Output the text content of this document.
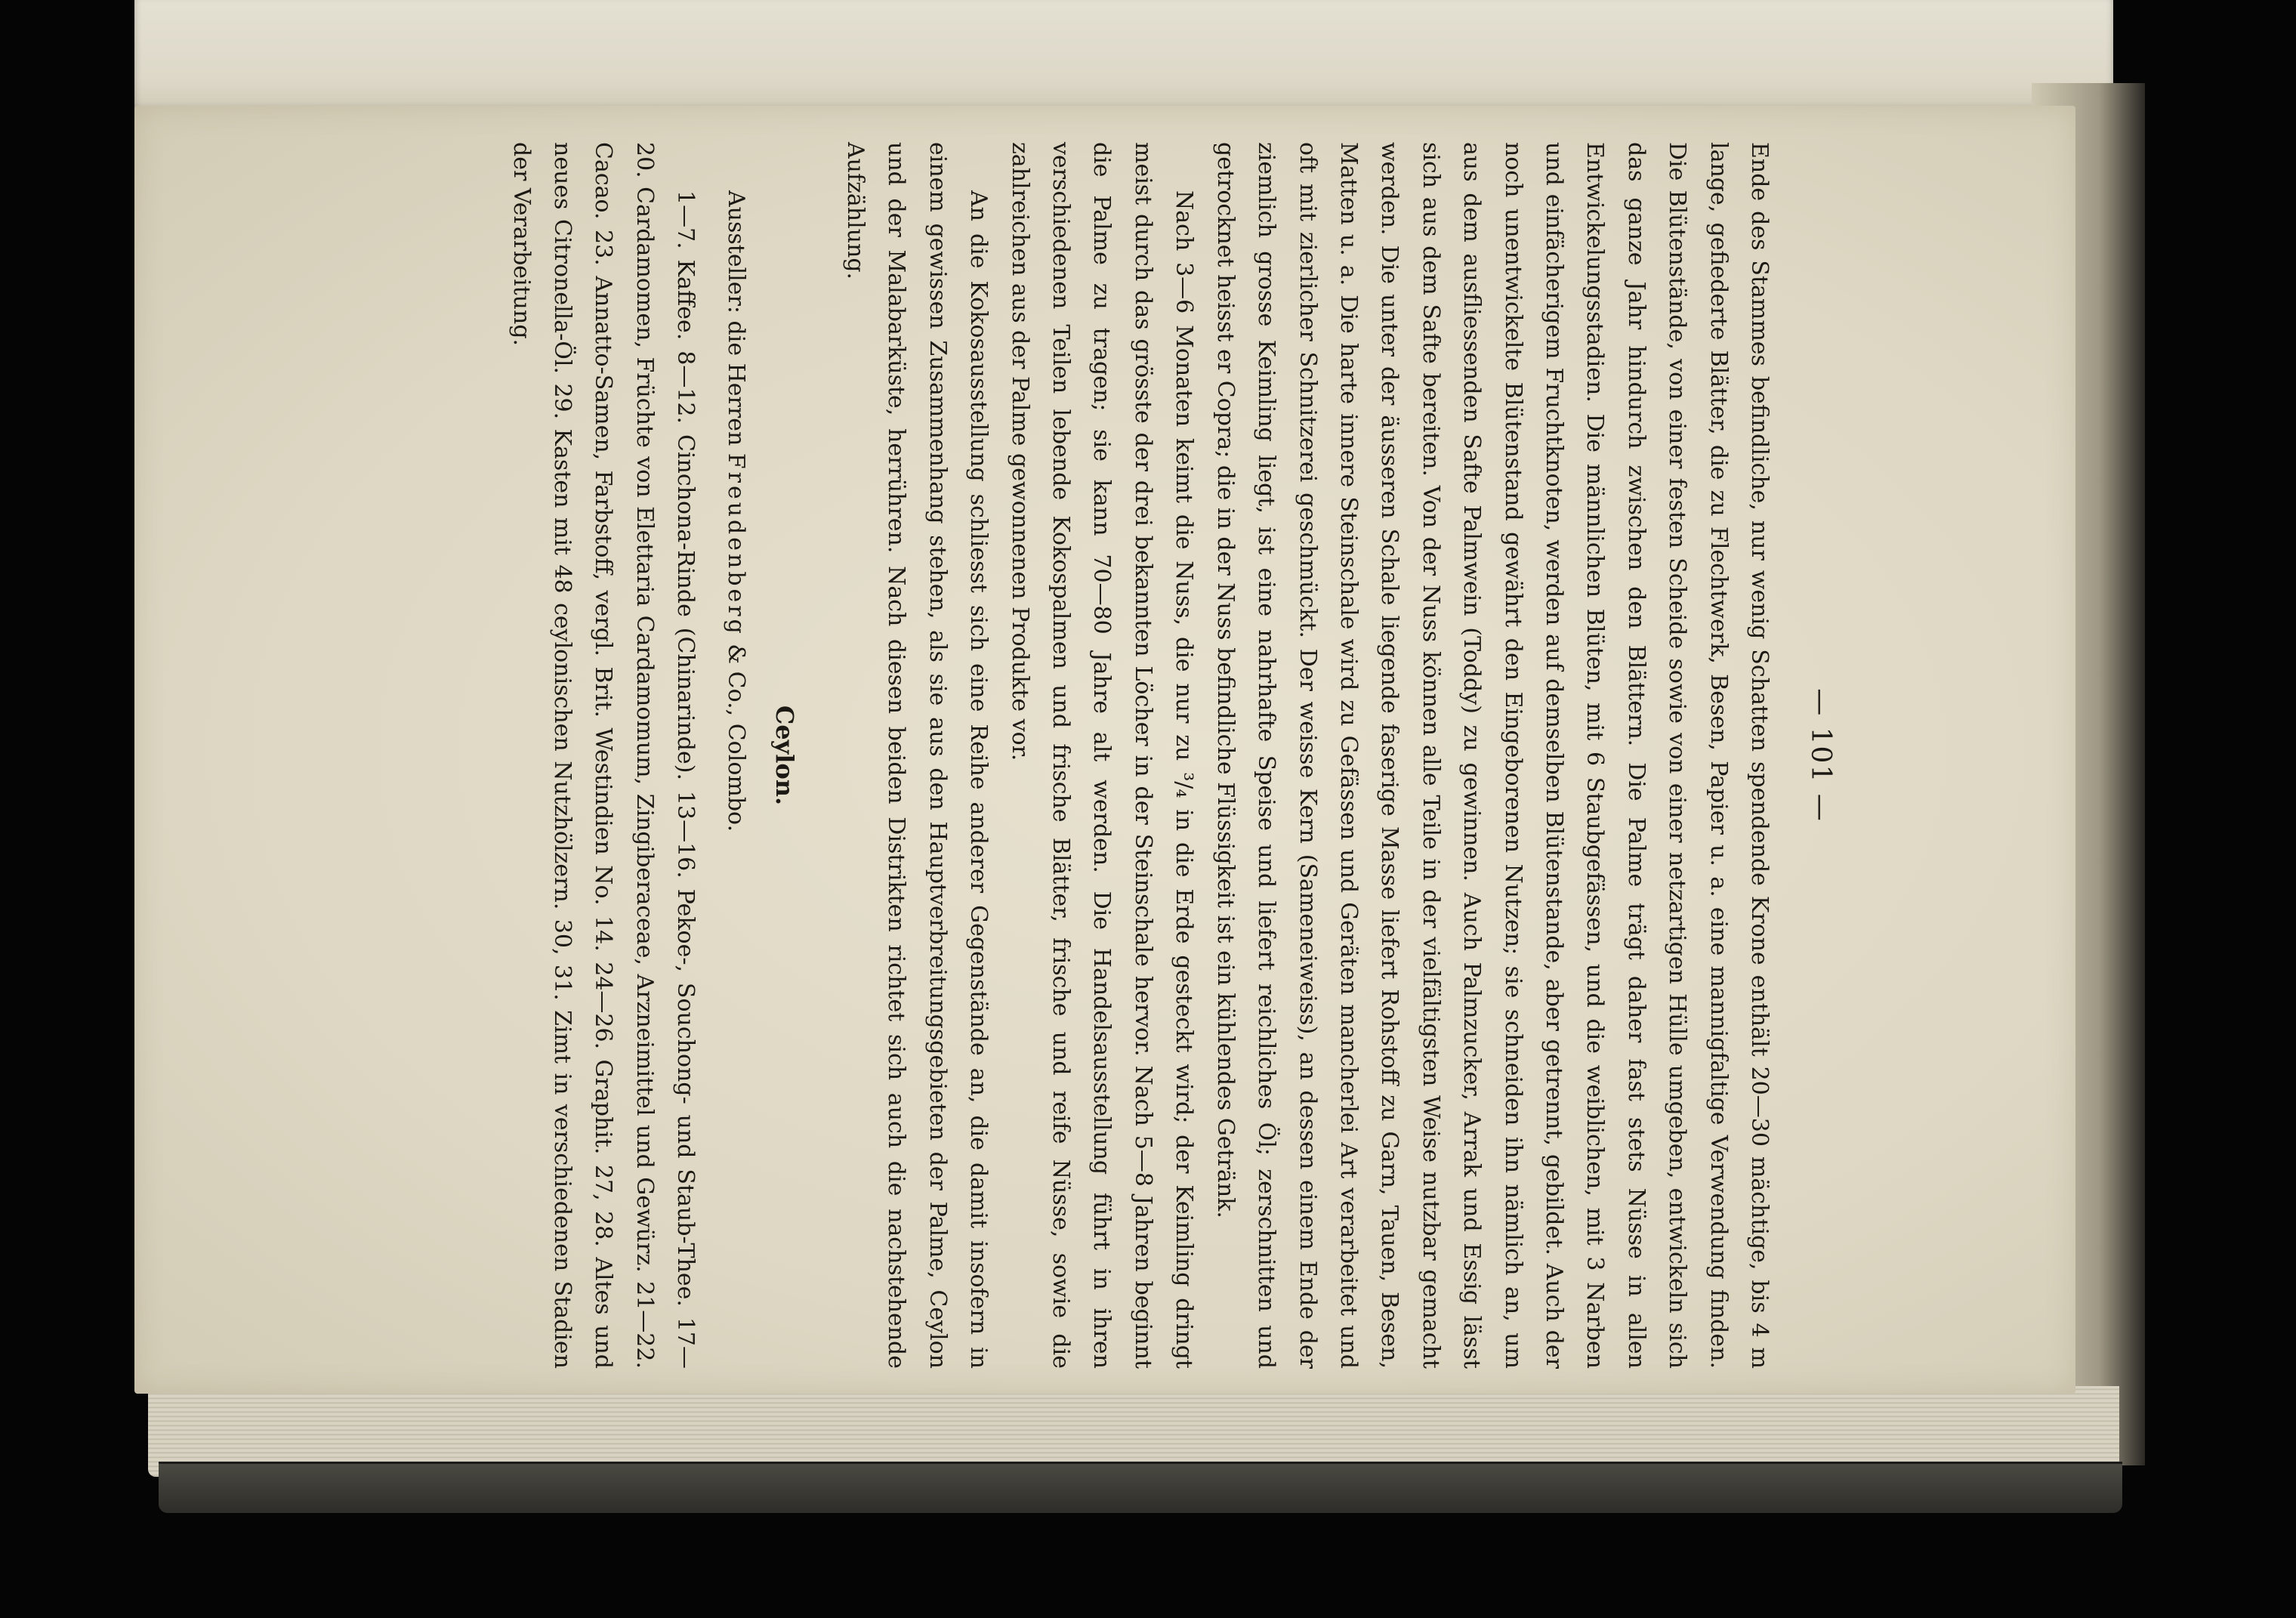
— 101 —

Ende des Stammes befindliche, nur wenig Schatten spendende Krone enthält 20—30 mächtige, bis 4 m lange, gefiederte Blätter, die zu Flechtwerk, Besen, Papier u. a. eine mannigfaltige Verwendung finden. Die Blütenstände, von einer festen Scheide sowie von einer netzartigen Hülle umgeben, entwickeln sich das ganze Jahr hindurch zwischen den Blättern. Die Palme trägt daher fast stets Nüsse in allen Entwickelungsstadien. Die männlichen Blüten, mit 6 Staubgefässen, und die weiblichen, mit 3 Narben und einfächerigem Fruchtknoten, werden auf demselben Blütenstande, aber getrennt, gebildet. Auch der noch unentwickelte Blütenstand gewährt den Eingeborenen Nutzen; sie schneiden ihn nämlich an, um aus dem ausfliessenden Safte Palmwein (Toddy) zu gewinnen. Auch Palmzucker, Arrak und Essig lässt sich aus dem Safte bereiten. Von der Nuss können alle Teile in der vielfältigsten Weise nutzbar gemacht werden. Die unter der äusseren Schale liegende faserige Masse liefert Rohstoff zu Garn, Tauen, Besen, Matten u. a. Die harte innere Steinschale wird zu Gefässen und Geräten mancherlei Art verarbeitet und oft mit zierlicher Schnitzerei geschmückt. Der weisse Kern (Sameneiweiss), an dessen einem Ende der ziemlich grosse Keimling liegt, ist eine nahrhafte Speise und liefert reichliches Öl; zerschnitten und getrocknet heisst er Copra; die in der Nuss befindliche Flüssigkeit ist ein kühlendes Getränk.

Nach 3—6 Monaten keimt die Nuss, die nur zu ³/₄ in die Erde gesteckt wird; der Keimling dringt meist durch das grösste der drei bekannten Löcher in der Steinschale hervor. Nach 5—8 Jahren beginnt die Palme zu tragen; sie kann 70—80 Jahre alt werden. Die Handelsausstellung führt in ihren verschiedenen Teilen lebende Kokospalmen und frische Blätter, frische und reife Nüsse, sowie die zahlreichen aus der Palme gewonnenen Produkte vor.

An die Kokosausstellung schliesst sich eine Reihe anderer Gegenstände an, die damit insofern in einem gewissen Zusammenhang stehen, als sie aus den Hauptverbreitungsgebieten der Palme, Ceylon und der Malabarküste, herrühren. Nach diesen beiden Distrikten richtet sich auch die nachstehende Aufzählung.

Ceylon.

Aussteller: die Herren Freudenberg & Co., Colombo.

1—7. Kaffee. 8—12. Cinchona-Rinde (Chinarinde). 13—16. Pekoe-, Souchong- und Staub-Thee. 17—20. Cardamomen, Früchte von Elettaria Cardamomum, Zingiberaceae, Arzneimittel und Gewürz. 21—22. Cacao. 23. Annatto-Samen, Farbstoff, vergl. Brit. Westindien No. 14. 24—26. Graphit. 27, 28. Altes und neues Citronella-Öl. 29. Kasten mit 48 ceylonischen Nutzhölzern. 30, 31. Zimt in verschiedenen Stadien der Verarbeitung.
